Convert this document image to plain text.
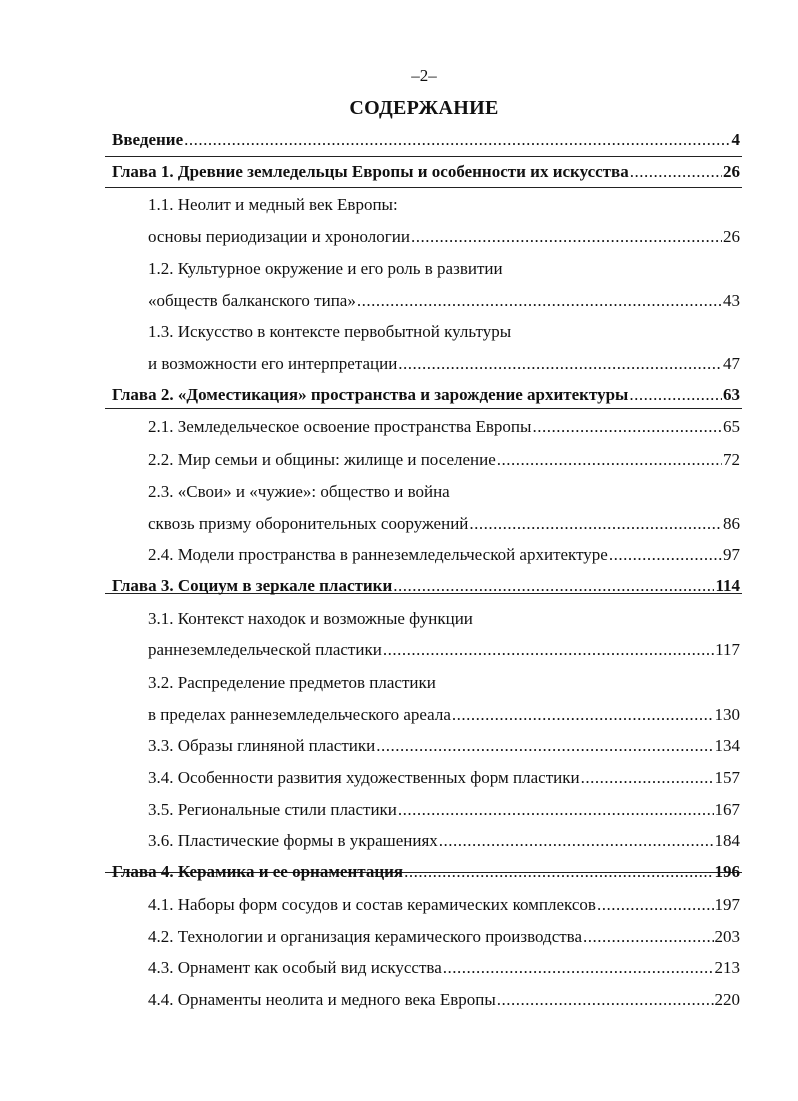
–2–
СОДЕРЖАНИЕ
Введение .....	4
Глава 1. Древние земледельцы Европы и особенности их искусства .....	26
1.1. Неолит и медный век Европы:
основы периодизации и хронологии .....	26
1.2. Культурное окружение и его роль в развитии
«обществ балканского типа» .....	43
1.3. Искусство в контексте первобытной культуры
и возможности его интерпретации .....	47
Глава 2. «Доместикация» пространства и зарождение архитектуры .....	63
2.1. Земледельческое освоение пространства Европы .....	65
2.2. Мир семьи и общины: жилище и поселение .....	72
2.3. «Свои» и «чужие»: общество и война
сквозь призму оборонительных сооружений .....	86
2.4. Модели пространства в раннеземледельческой архитектуре .....	97
Глава 3. Социум в зеркале пластики .....	114
3.1. Контекст находок и возможные функции
раннеземледельческой пластики .....	117
3.2. Распределение предметов пластики
в пределах раннеземледельческого ареала .....	130
3.3. Образы глиняной пластики .....	134
3.4. Особенности развития художественных форм пластики .....	157
3.5. Региональные стили пластики .....	167
3.6. Пластические формы в украшениях .....	184
Глава 4. Керамика и ее орнаментация .....	196
4.1. Наборы форм сосудов и состав керамических комплексов .....	197
4.2. Технологии и организация керамического производства .....	203
4.3. Орнамент как особый вид искусства .....	213
4.4. Орнаменты неолита и медного века Европы .....	220
